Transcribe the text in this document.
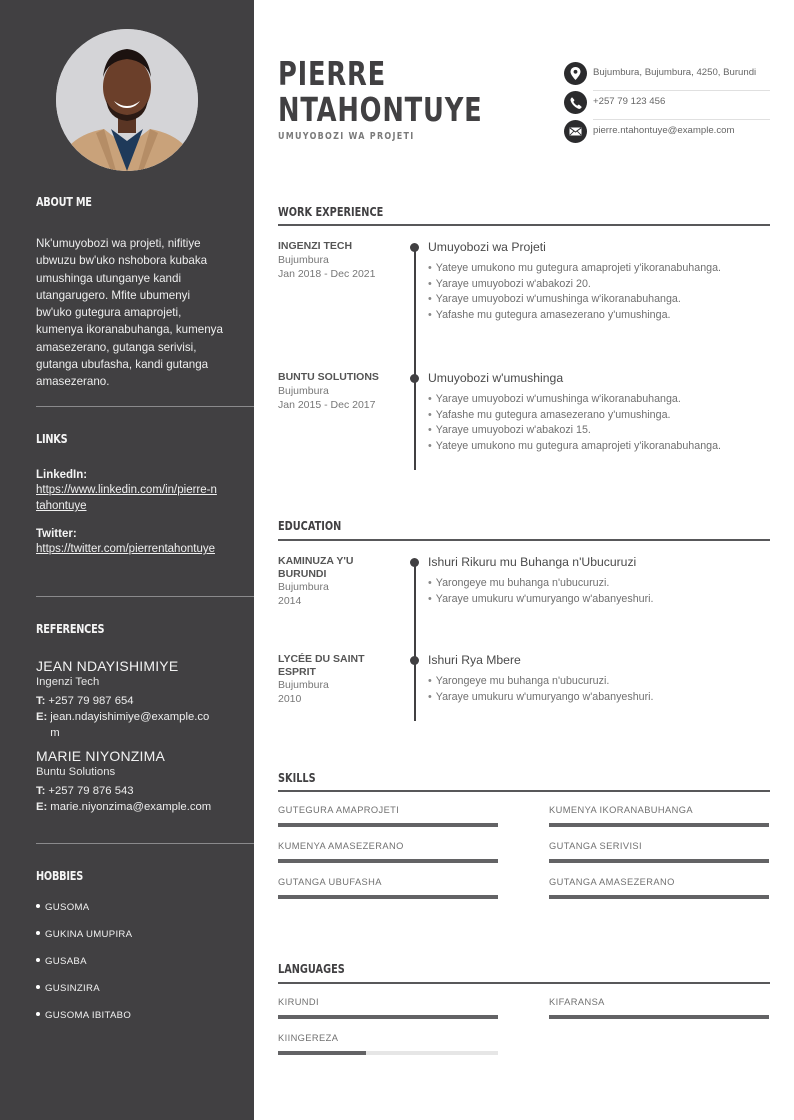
ABOUT ME

Nk'umuyobozi wa projeti, nifitiye ubwuzu bw'uko nshobora kubaka umushinga utunganye kandi utangarugero. Mfite ubumenyi bw'uko gutegura amaprojeti, kumenya ikoranabuhanga, kumenya amasezerano, gutanga serivisi, gutanga ubufasha, kandi gutanga amasezerano.

LINKS
LinkedIn:
https://www.linkedin.com/in/pierre-ntahontuye
Twitter:
https://twitter.com/pierrentahontuye
REFERENCES
JEAN NDAYISHIMIYE
Ingenzi Tech
T: +257 79 987 654
E: jean.ndayishimiye@example.com
MARIE NIYONZIMA
Buntu Solutions
T: +257 79 876 543
E: marie.niyonzima@example.com
HOBBIES
GUSOMA
GUKINA UMUPIRA
GUSABA
GUSINZIRA
GUSOMA IBITABO
PIERRE
NTAHONTUYE
UMUYOBOZI WA PROJETI
Bujumbura, Bujumbura, 4250, Burundi
+257 79 123 456
pierre.ntahontuye@example.com
WORK EXPERIENCE
INGENZI TECH
Bujumbura
Jan 2018 - Dec 2021
Umuyobozi wa Projeti
• Yateye umukono mu gutegura amaprojeti y'ikoranabuhanga.
• Yaraye umuyobozi w'abakozi 20.
• Yaraye umuyobozi w'umushinga w'ikoranabuhanga.
• Yafashe mu gutegura amasezerano y'umushinga.
BUNTU SOLUTIONS
Bujumbura
Jan 2015 - Dec 2017
Umuyobozi w'umushinga
• Yaraye umuyobozi w'umushinga w'ikoranabuhanga.
• Yafashe mu gutegura amasezerano y'umushinga.
• Yaraye umuyobozi w'abakozi 15.
• Yateye umukono mu gutegura amaprojeti y'ikoranabuhanga.
EDUCATION
KAMINUZA Y'U
BURUNDI
Bujumbura
2014
Ishuri Rikuru mu Buhanga n'Ubucuruzi
• Yarongeye mu buhanga n'ubucuruzi.
• Yaraye umukuru w'umuryango w'abanyeshuri.
LYCÉE DU SAINT
ESPRIT
Bujumbura
2010
Ishuri Rya Mbere
• Yarongeye mu buhanga n'ubucuruzi.
• Yaraye umukuru w'umuryango w'abanyeshuri.
SKILLS
GUTEGURA AMAPROJETI	KUMENYA IKORANABUHANGA
KUMENYA AMASEZERANO	GUTANGA SERIVISI
GUTANGA UBUFASHA	GUTANGA AMASEZERANO
LANGUAGES
KIRUNDI	KIFARANSA
KIINGEREZA
